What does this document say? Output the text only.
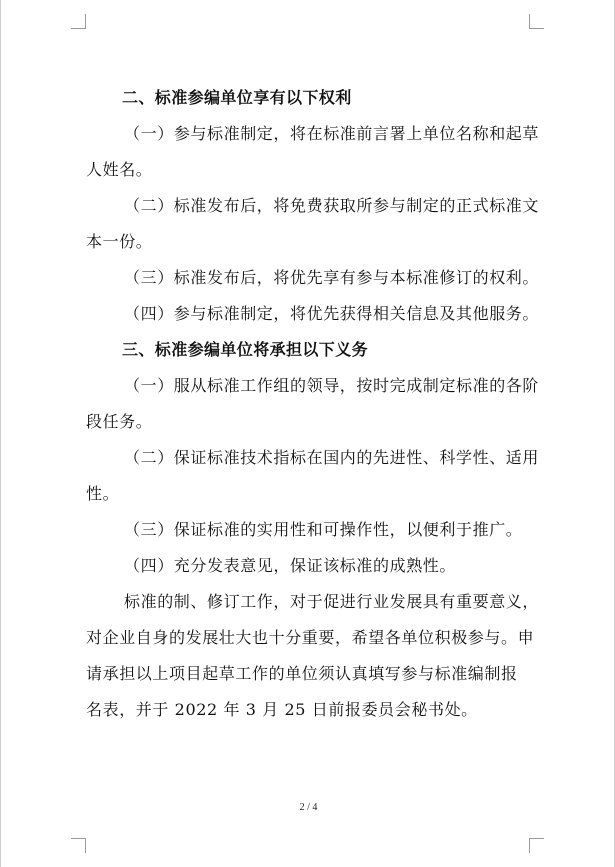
二、标准参编单位享有以下权利
（一）参与标准制定，将在标准前言署上单位名称和起草
人姓名。
（二）标准发布后，将免费获取所参与制定的正式标准文
本一份。
（三）标准发布后，将优先享有参与本标准修订的权利。
（四）参与标准制定，将优先获得相关信息及其他服务。
三、标准参编单位将承担以下义务
（一）服从标准工作组的领导，按时完成制定标准的各阶
段任务。
（二）保证标准技术指标在国内的先进性、科学性、适用
性。
（三）保证标准的实用性和可操作性，以便利于推广。
（四）充分发表意见，保证该标准的成熟性。
标准的制、修订工作，对于促进行业发展具有重要意义，
对企业自身的发展壮大也十分重要，希望各单位积极参与。申
请承担以上项目起草工作的单位须认真填写参与标准编制报
名表，并于 2022 年 3 月 25 日前报委员会秘书处。
2 / 4
